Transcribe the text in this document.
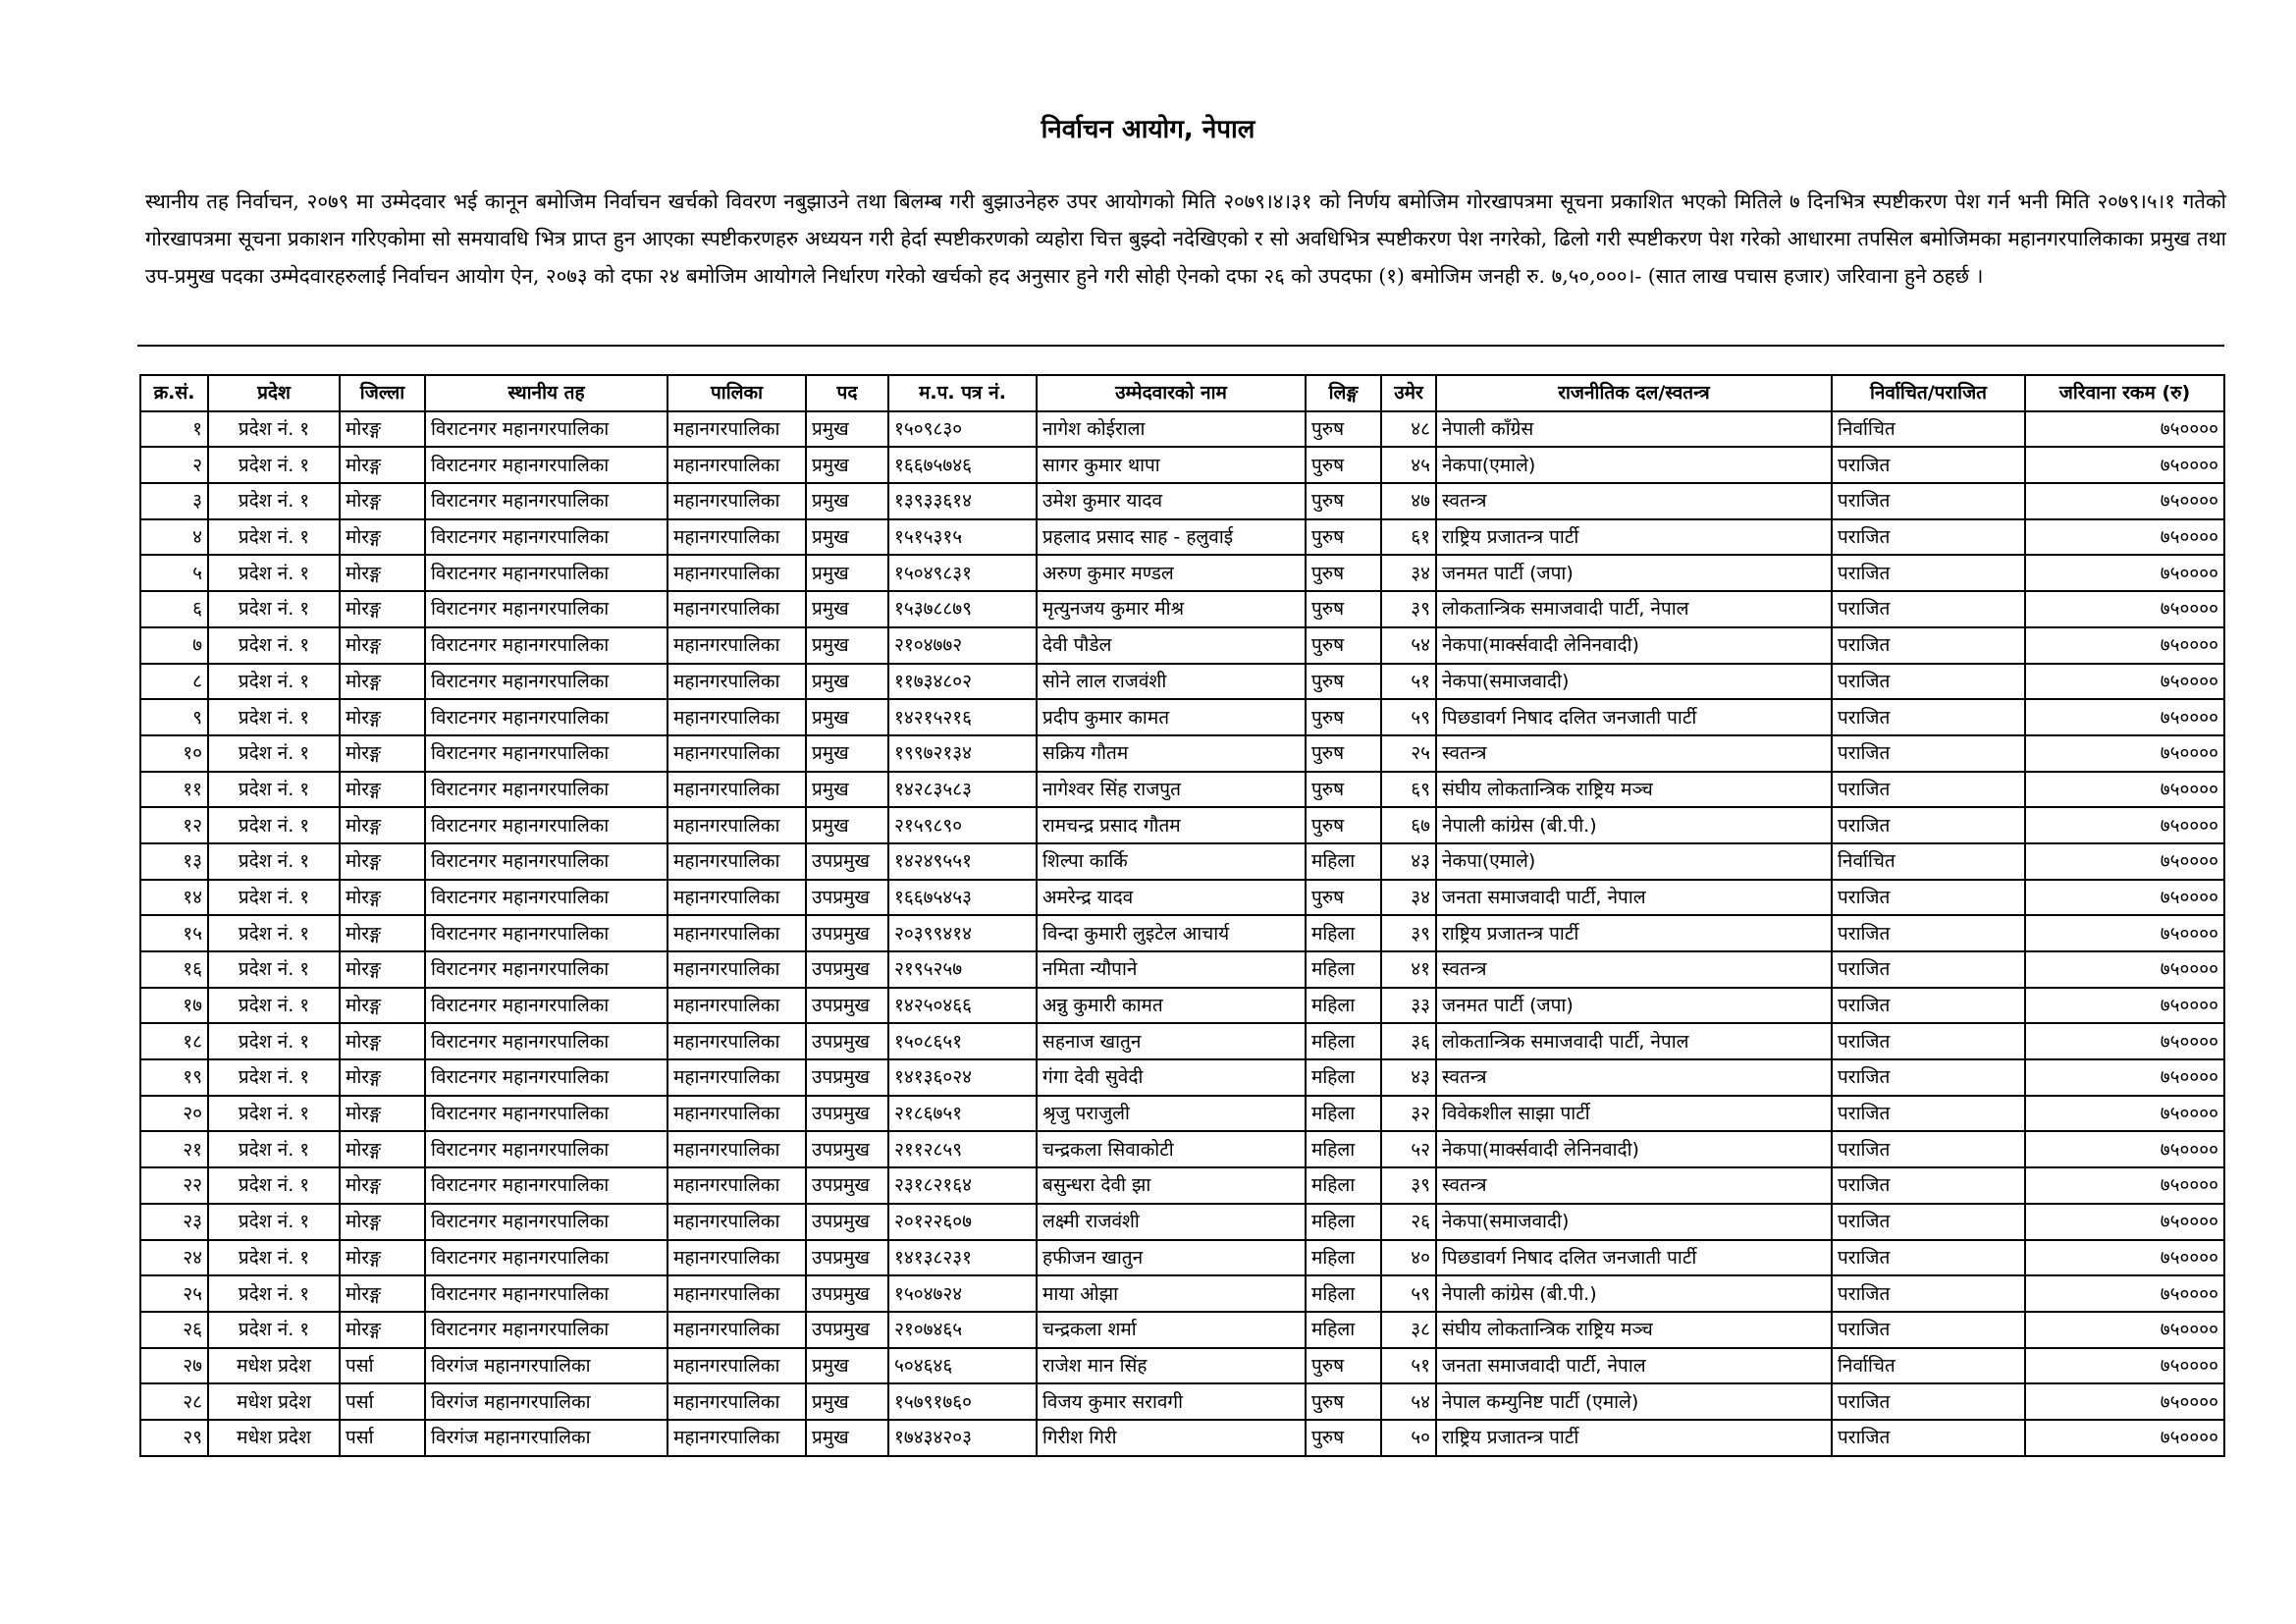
निर्वाचन आयोग, नेपाल
स्थानीय तह निर्वाचन, २०७९ मा उम्मेदवार भई कानून बमोजिम निर्वाचन खर्चको विवरण नबुझाउने तथा बिलम्ब गरी बुझाउनेहरु उपर आयोगको मिति २०७९।४।३१ को निर्णय बमोजिम गोरखापत्रमा सूचना प्रकाशित भएको मितिले ७ दिनभित्र स्पष्टीकरण पेश गर्न भनी मिति २०७९।५।१ गतेको गोरखापत्रमा सूचना प्रकाशन गरिएकोमा सो समयावधि भित्र प्राप्त हुन आएका स्पष्टीकरणहरु अध्ययन गरी हेर्दा स्पष्टीकरणको व्यहोरा चित्त बुझ्दो नदेखिएको र सो अवधिभित्र स्पष्टीकरण पेश नगरेको, ढिलो गरी स्पष्टीकरण पेश गरेको आधारमा तपसिल बमोजिमका महानगरपालिकाका प्रमुख तथा उप-प्रमुख पदका उम्मेदवारहरुलाई निर्वाचन आयोग ऐन, २०७३ को दफा २४ बमोजिम आयोगले निर्धारण गरेको खर्चको हद अनुसार हुने गरी सोही ऐनको दफा २६ को उपदफा (१) बमोजिम जनही रु. ७,५०,०००।- (सात लाख पचास हजार) जरिवाना हुने ठहर्छ ।
क्र.सं.	प्रदेश	जिल्ला	स्थानीय तह	पालिका	पद	म.प. पत्र नं.	उम्मेदवारको नाम	लिङ्ग	उमेर	राजनीतिक दल/स्वतन्त्र	निर्वाचित/पराजित	जरिवाना रकम (रु)
१	प्रदेश नं. १	मोरङ्ग	विराटनगर महानगरपालिका	महानगरपालिका	प्रमुख	१५०९८३०	नागेश कोईराला	पुरुष	४८	नेपाली काँग्रेस	निर्वाचित	७५००००
२	प्रदेश नं. १	मोरङ्ग	विराटनगर महानगरपालिका	महानगरपालिका	प्रमुख	१६६७५७४६	सागर कुमार थापा	पुरुष	४५	नेकपा(एमाले)	पराजित	७५००००
३	प्रदेश नं. १	मोरङ्ग	विराटनगर महानगरपालिका	महानगरपालिका	प्रमुख	१३९३३६१४	उमेश कुमार यादव	पुरुष	४७	स्वतन्त्र	पराजित	७५००००
४	प्रदेश नं. १	मोरङ्ग	विराटनगर महानगरपालिका	महानगरपालिका	प्रमुख	१५१५३१५	प्रहलाद प्रसाद साह - हलुवाई	पुरुष	६१	राष्ट्रिय प्रजातन्त्र पार्टी	पराजित	७५००००
५	प्रदेश नं. १	मोरङ्ग	विराटनगर महानगरपालिका	महानगरपालिका	प्रमुख	१५०४९८३१	अरुण कुमार मण्डल	पुरुष	३४	जनमत पार्टी (जपा)	पराजित	७५००००
६	प्रदेश नं. १	मोरङ्ग	विराटनगर महानगरपालिका	महानगरपालिका	प्रमुख	१५३७८८७९	मृत्युनजय कुमार मीश्र	पुरुष	३९	लोकतान्त्रिक समाजवादी पार्टी, नेपाल	पराजित	७५००००
७	प्रदेश नं. १	मोरङ्ग	विराटनगर महानगरपालिका	महानगरपालिका	प्रमुख	२१०४७७२	देवी पौडेल	पुरुष	५४	नेकपा(मार्क्सवादी लेनिनवादी)	पराजित	७५००००
८	प्रदेश नं. १	मोरङ्ग	विराटनगर महानगरपालिका	महानगरपालिका	प्रमुख	११७३४८०२	सोने लाल राजवंशी	पुरुष	५१	नेकपा(समाजवादी)	पराजित	७५००००
९	प्रदेश नं. १	मोरङ्ग	विराटनगर महानगरपालिका	महानगरपालिका	प्रमुख	१४२१५२१६	प्रदीप कुमार कामत	पुरुष	५९	पिछडावर्ग निषाद दलित जनजाती पार्टी	पराजित	७५००००
१०	प्रदेश नं. १	मोरङ्ग	विराटनगर महानगरपालिका	महानगरपालिका	प्रमुख	१९९७२१३४	सक्रिय गौतम	पुरुष	२५	स्वतन्त्र	पराजित	७५००००
११	प्रदेश नं. १	मोरङ्ग	विराटनगर महानगरपालिका	महानगरपालिका	प्रमुख	१४२८३५८३	नागेश्वर सिंह राजपुत	पुरुष	६९	संघीय लोकतान्त्रिक राष्ट्रिय मञ्च	पराजित	७५००००
१२	प्रदेश नं. १	मोरङ्ग	विराटनगर महानगरपालिका	महानगरपालिका	प्रमुख	२१५९८९०	रामचन्द्र प्रसाद गौतम	पुरुष	६७	नेपाली कांग्रेस (बी.पी.)	पराजित	७५००००
१३	प्रदेश नं. १	मोरङ्ग	विराटनगर महानगरपालिका	महानगरपालिका	उपप्रमुख	१४२४९५५१	शिल्पा कार्कि	महिला	४३	नेकपा(एमाले)	निर्वाचित	७५००००
१४	प्रदेश नं. १	मोरङ्ग	विराटनगर महानगरपालिका	महानगरपालिका	उपप्रमुख	१६६७५४५३	अमरेन्द्र यादव	पुरुष	३४	जनता समाजवादी पार्टी, नेपाल	पराजित	७५००००
१५	प्रदेश नं. १	मोरङ्ग	विराटनगर महानगरपालिका	महानगरपालिका	उपप्रमुख	२०३९९४१४	विन्दा कुमारी लुइटेल आचार्य	महिला	३९	राष्ट्रिय प्रजातन्त्र पार्टी	पराजित	७५००००
१६	प्रदेश नं. १	मोरङ्ग	विराटनगर महानगरपालिका	महानगरपालिका	उपप्रमुख	२१९५२५७	नमिता न्यौपाने	महिला	४१	स्वतन्त्र	पराजित	७५००००
१७	प्रदेश नं. १	मोरङ्ग	विराटनगर महानगरपालिका	महानगरपालिका	उपप्रमुख	१४२५०४६६	अन्नु कुमारी कामत	महिला	३३	जनमत पार्टी (जपा)	पराजित	७५००००
१८	प्रदेश नं. १	मोरङ्ग	विराटनगर महानगरपालिका	महानगरपालिका	उपप्रमुख	१५०८६५१	सहनाज खातुन	महिला	३६	लोकतान्त्रिक समाजवादी पार्टी, नेपाल	पराजित	७५००००
१९	प्रदेश नं. १	मोरङ्ग	विराटनगर महानगरपालिका	महानगरपालिका	उपप्रमुख	१४१३६०२४	गंगा देवी सुवेदी	महिला	४३	स्वतन्त्र	पराजित	७५००००
२०	प्रदेश नं. १	मोरङ्ग	विराटनगर महानगरपालिका	महानगरपालिका	उपप्रमुख	२१८६७५१	श्रृजु पराजुली	महिला	३२	विवेकशील साझा पार्टी	पराजित	७५००००
२१	प्रदेश नं. १	मोरङ्ग	विराटनगर महानगरपालिका	महानगरपालिका	उपप्रमुख	२११२८५९	चन्द्रकला सिवाकोटी	महिला	५२	नेकपा(मार्क्सवादी लेनिनवादी)	पराजित	७५००००
२२	प्रदेश नं. १	मोरङ्ग	विराटनगर महानगरपालिका	महानगरपालिका	उपप्रमुख	२३१८२१६४	बसुन्धरा देवी झा	महिला	३९	स्वतन्त्र	पराजित	७५००००
२३	प्रदेश नं. १	मोरङ्ग	विराटनगर महानगरपालिका	महानगरपालिका	उपप्रमुख	२०१२२६०७	लक्ष्मी राजवंशी	महिला	२६	नेकपा(समाजवादी)	पराजित	७५००००
२४	प्रदेश नं. १	मोरङ्ग	विराटनगर महानगरपालिका	महानगरपालिका	उपप्रमुख	१४१३८२३१	हफीजन खातुन	महिला	४०	पिछडावर्ग निषाद दलित जनजाती पार्टी	पराजित	७५००००
२५	प्रदेश नं. १	मोरङ्ग	विराटनगर महानगरपालिका	महानगरपालिका	उपप्रमुख	१५०४७२४	माया ओझा	महिला	५९	नेपाली कांग्रेस (बी.पी.)	पराजित	७५००००
२६	प्रदेश नं. १	मोरङ्ग	विराटनगर महानगरपालिका	महानगरपालिका	उपप्रमुख	२१०७४६५	चन्द्रकला शर्मा	महिला	३८	संघीय लोकतान्त्रिक राष्ट्रिय मञ्च	पराजित	७५००००
२७	मधेश प्रदेश	पर्सा	विरगंज महानगरपालिका	महानगरपालिका	प्रमुख	५०४६४६	राजेश मान सिंह	पुरुष	५१	जनता समाजवादी पार्टी, नेपाल	निर्वाचित	७५००००
२८	मधेश प्रदेश	पर्सा	विरगंज महानगरपालिका	महानगरपालिका	प्रमुख	१५७९१७६०	विजय कुमार सरावगी	पुरुष	५४	नेपाल कम्युनिष्ट पार्टी (एमाले)	पराजित	७५००००
२९	मधेश प्रदेश	पर्सा	विरगंज महानगरपालिका	महानगरपालिका	प्रमुख	१७४३४२०३	गिरीश गिरी	पुरुष	५०	राष्ट्रिय प्रजातन्त्र पार्टी	पराजित	७५००००
